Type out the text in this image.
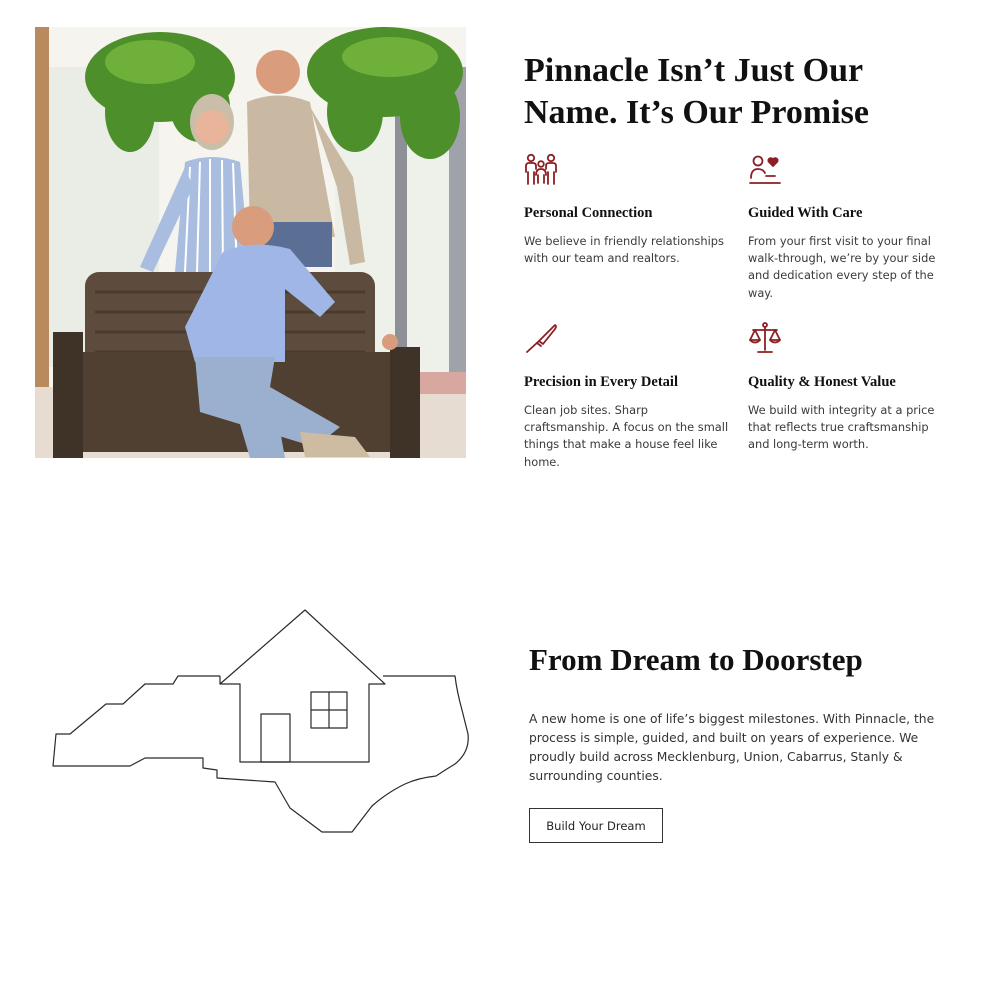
Pinnacle Isn’t Just Our
Name. It’s Our Promise
Personal Connection

We believe in friendly relationships with our team and realtors.

Guided With Care

From your first visit to your final walk-through, we’re by your side and dedication every step of the way.

Precision in Every Detail

Clean job sites. Sharp craftsmanship. A focus on the small things that make a house feel like home.

Quality & Honest Value

We build with integrity at a price that reflects true craftsmanship and long-term worth.

From Dream to Doorstep

A new home is one of life’s biggest milestones. With Pinnacle, the process is simple, guided, and built on years of experience. We proudly build across Mecklenburg, Union, Cabarrus, Stanly & surrounding counties.

Build Your Dream
